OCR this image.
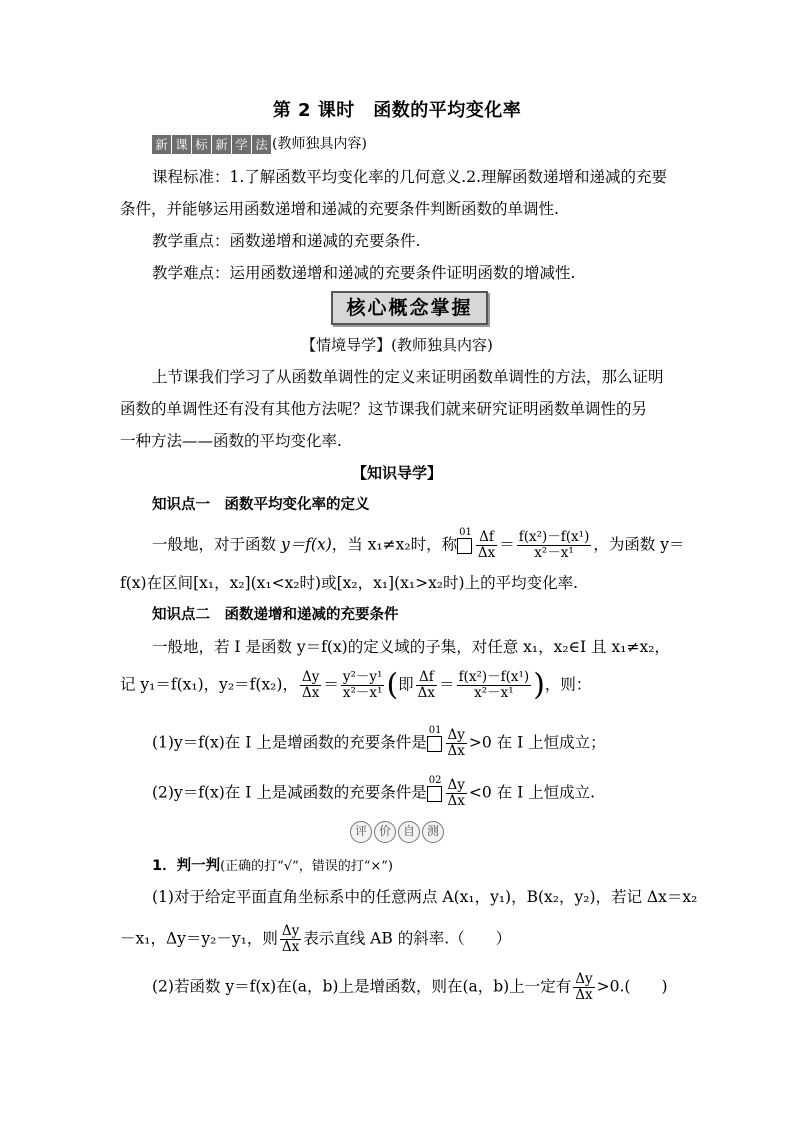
第 2 课时　函数的平均变化率
新 课 标 新 学 法 (教师独具内容)
课程标准：1.了解函数平均变化率的几何意义.2.理解函数递增和递减的充要
条件，并能够运用函数递增和递减的充要条件判断函数的单调性.
教学重点：函数递增和递减的充要条件.
教学难点：运用函数递增和递减的充要条件证明函数的增减性.
核心概念掌握
【情境导学】(教师独具内容)
上节课我们学习了从函数单调性的定义来证明函数单调性的方法，那么证明
函数的单调性还有没有其他方法呢？这节课我们就来研究证明函数单调性的另
一种方法——函数的平均变化率.
【知识导学】
知识点一　函数平均变化率的定义
一般地，对于函数 y＝f(x)，当 x₁≠x₂时，称$^{01} \frac{\Delta f}{\Delta x} = \frac{\text{f(x²)－f(x¹)}}{\text{x²－x¹}}$ ，为函数 y＝
f(x)在区间[x₁，x₂](x₁<x₂时)或[x₂，x₁](x₁>x₂时)上的平均变化率.
知识点二　函数递增和递减的充要条件
一般地，若 I 是函数 y＝f(x)的定义域的子集，对任意 x₁，x₂∈I 且 x₁≠x₂，
记 y₁＝f(x₁)，y₂＝f(x₂)， $\frac{\Delta y}{\Delta x} = \frac{\text{y²－y¹}}{\text{x²－x¹}}$ (即 $\frac{\Delta f}{\Delta x} = \frac{\text{f(x²)－f(x¹)}}{\text{x²－x¹}}$ )，则：
(1)y＝f(x)在 I 上是增函数的充要条件是$^{01} \frac{\Delta y}{\Delta x} >0$ 在 I 上恒成立；
(2)y＝f(x)在 I 上是减函数的充要条件是$^{02} \frac{\Delta y}{\Delta x} <0$ 在 I 上恒成立.
评 价 自 测
1．判一判(正确的打“√”，错误的打“×”)
(1)对于给定平面直角坐标系中的任意两点 A(x₁，y₁)，B(x₂，y₂)，若记 Δx＝x₂
－x₁，Δy＝y₂－y₁，则 $\frac{\Delta y}{\Delta x}$ 表示直线 AB 的斜率.（　　）
(2)若函数 y＝f(x)在(a，b)上是增函数，则在(a，b)上一定有 $\frac{\Delta y}{\Delta x} >0$.(　　)
